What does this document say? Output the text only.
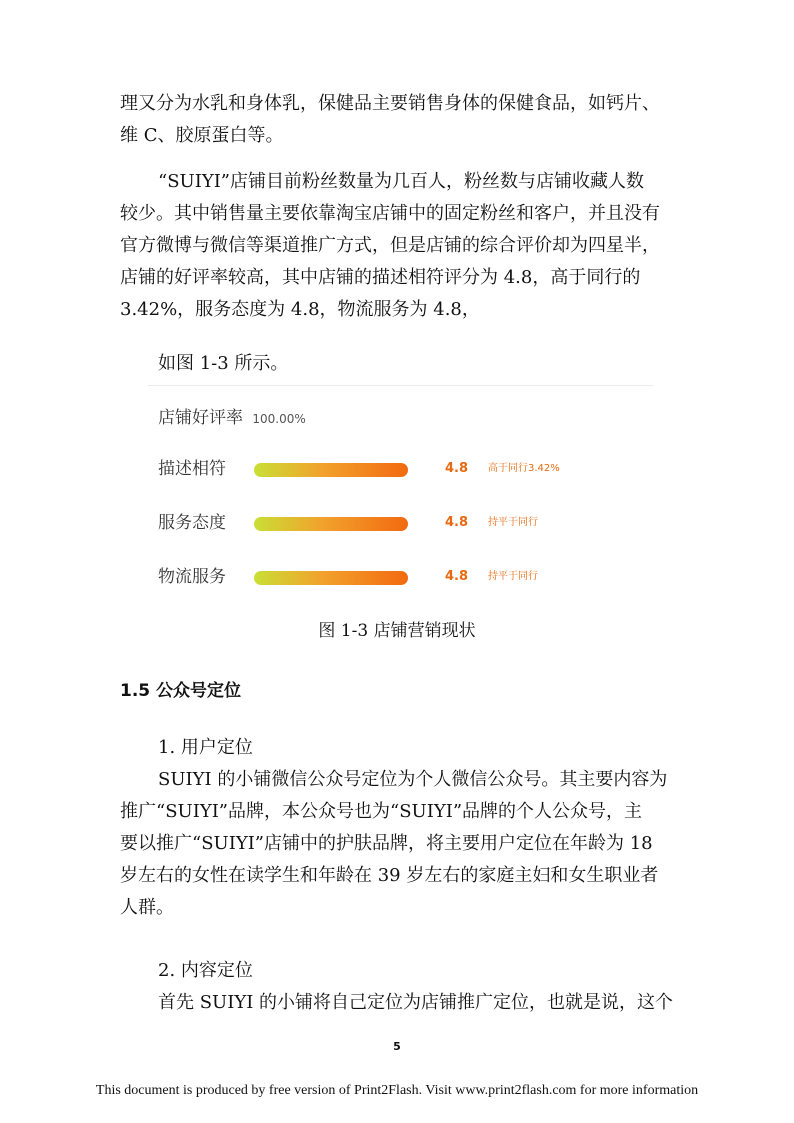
理又分为水乳和身体乳，保健品主要销售身体的保健食品，如钙片、
维 C、胶原蛋白等。
“SUIYI”店铺目前粉丝数量为几百人，粉丝数与店铺收藏人数
较少。其中销售量主要依靠淘宝店铺中的固定粉丝和客户，并且没有
官方微博与微信等渠道推广方式，但是店铺的综合评价却为四星半，
店铺的好评率较高，其中店铺的描述相符评分为 4.8，高于同行的
3.42%，服务态度为 4.8，物流服务为 4.8，
如图 1-3 所示。
店铺好评率 100.00%
描述相符	4.8 高于同行3.42%
服务态度	4.8 持平于同行
物流服务	4.8 持平于同行
图 1-3 店铺营销现状
1.5 公众号定位
1. 用户定位
SUIYI 的小铺微信公众号定位为个人微信公众号。其主要内容为
推广“SUIYI”品牌，本公众号也为“SUIYI”品牌的个人公众号，主
要以推广“SUIYI”店铺中的护肤品牌，将主要用户定位在年龄为 18
岁左右的女性在读学生和年龄在 39 岁左右的家庭主妇和女生职业者
人群。
2. 内容定位
首先 SUIYI 的小铺将自己定位为店铺推广定位，也就是说，这个
5
This document is produced by free version of Print2Flash. Visit www.print2flash.com for more information
